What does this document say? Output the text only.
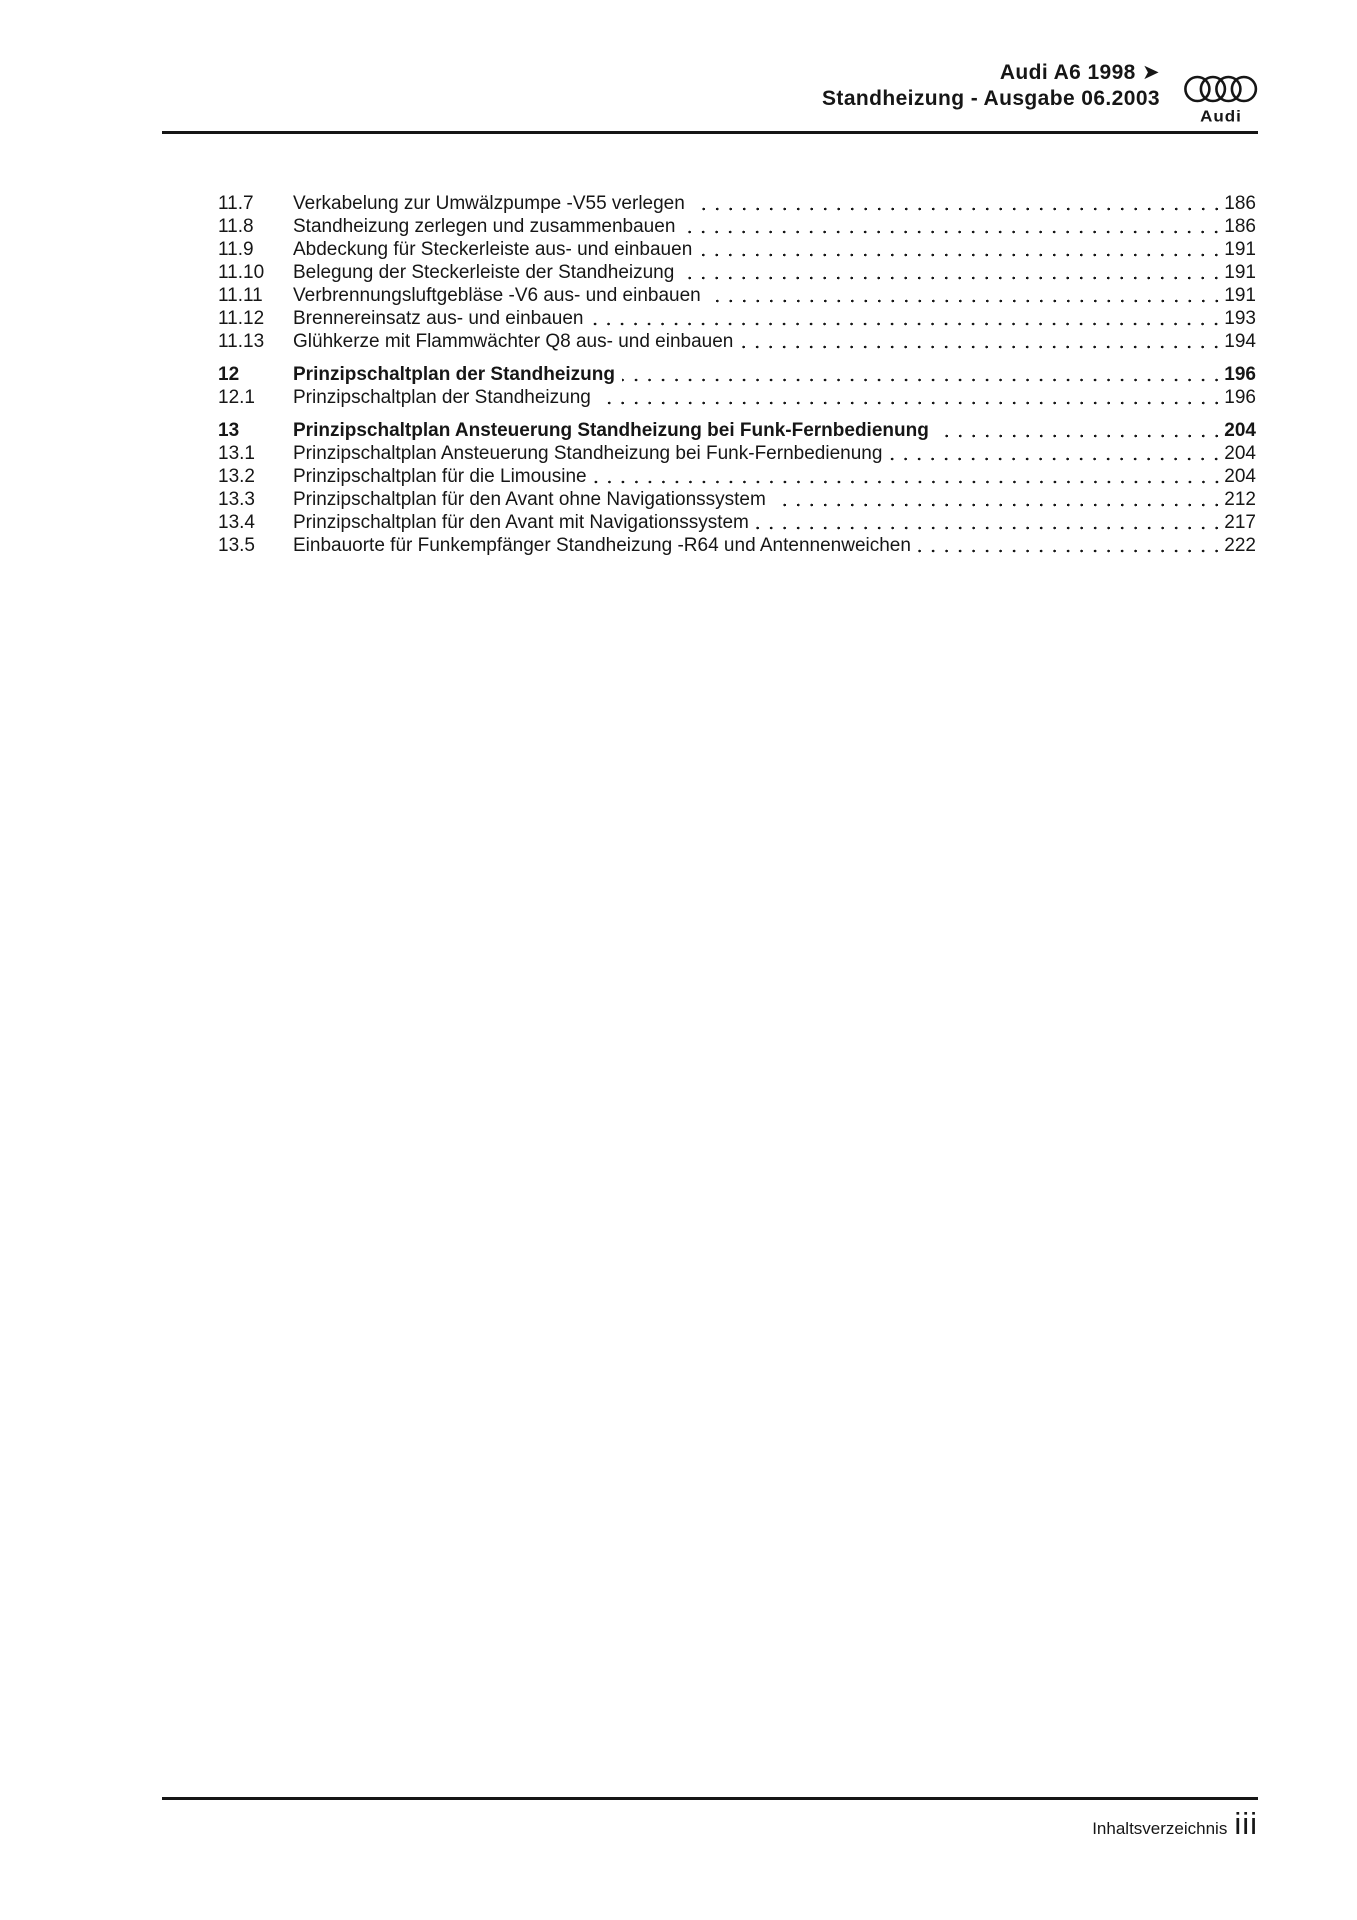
Audi A6 1998 ➤
Standheizung - Ausgabe 06.2003
Audi
11.7	Verkabelung zur Umwälzpumpe -V55 verlegen	186
11.8	Standheizung zerlegen und zusammenbauen	186
11.9	Abdeckung für Steckerleiste aus- und einbauen	191
11.10	Belegung der Steckerleiste der Standheizung	191
11.11	Verbrennungsluftgebläse -V6 aus- und einbauen	191
11.12	Brennereinsatz aus- und einbauen	193
11.13	Glühkerze mit Flammwächter Q8 aus- und einbauen	194
12	Prinzipschaltplan der Standheizung	196
12.1	Prinzipschaltplan der Standheizung	196
13	Prinzipschaltplan Ansteuerung Standheizung bei Funk-Fernbedienung	204
13.1	Prinzipschaltplan Ansteuerung Standheizung bei Funk-Fernbedienung	204
13.2	Prinzipschaltplan für die Limousine	204
13.3	Prinzipschaltplan für den Avant ohne Navigationssystem	212
13.4	Prinzipschaltplan für den Avant mit Navigationssystem	217
13.5	Einbauorte für Funkempfänger Standheizung -R64 und Antennenweichen	222
Inhaltsverzeichnis iii
